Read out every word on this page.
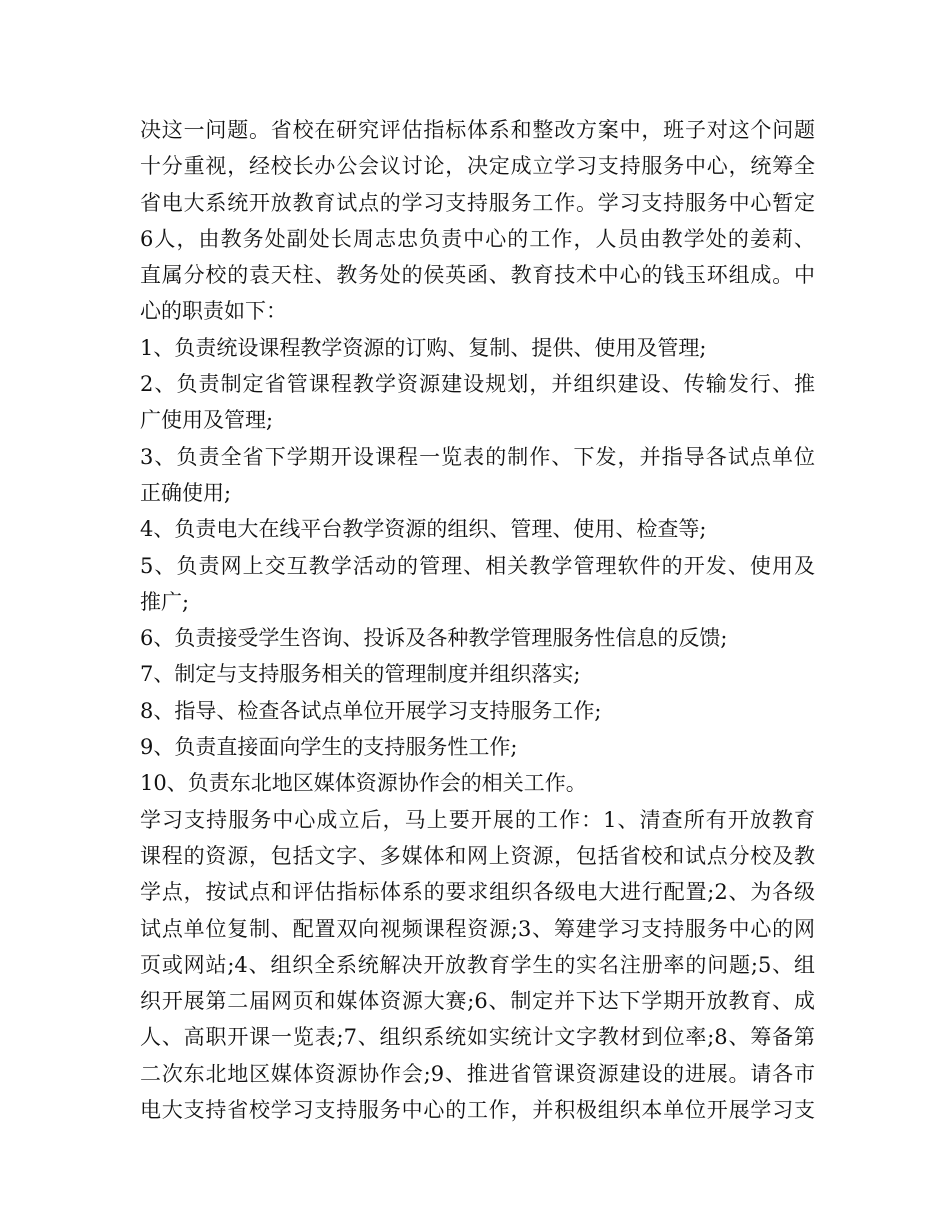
决这一问题。省校在研究评估指标体系和整改方案中，班子对这个问题
十分重视，经校长办公会议讨论，决定成立学习支持服务中心，统筹全
省电大系统开放教育试点的学习支持服务工作。学习支持服务中心暂定
6人，由教务处副处长周志忠负责中心的工作，人员由教学处的姜莉、
直属分校的袁天柱、教务处的侯英函、教育技术中心的钱玉环组成。中
心的职责如下：
1、负责统设课程教学资源的订购、复制、提供、使用及管理;
2、负责制定省管课程教学资源建设规划，并组织建设、传输发行、推
广使用及管理;
3、负责全省下学期开设课程一览表的制作、下发，并指导各试点单位
正确使用;
4、负责电大在线平台教学资源的组织、管理、使用、检查等;
5、负责网上交互教学活动的管理、相关教学管理软件的开发、使用及
推广;
6、负责接受学生咨询、投诉及各种教学管理服务性信息的反馈;
7、制定与支持服务相关的管理制度并组织落实;
8、指导、检查各试点单位开展学习支持服务工作;
9、负责直接面向学生的支持服务性工作;
10、负责东北地区媒体资源协作会的相关工作。
学习支持服务中心成立后，马上要开展的工作：1、清查所有开放教育
课程的资源，包括文字、多媒体和网上资源，包括省校和试点分校及教
学点，按试点和评估指标体系的要求组织各级电大进行配置;2、为各级
试点单位复制、配置双向视频课程资源;3、筹建学习支持服务中心的网
页或网站;4、组织全系统解决开放教育学生的实名注册率的问题;5、组
织开展第二届网页和媒体资源大赛;6、制定并下达下学期开放教育、成
人、高职开课一览表;7、组织系统如实统计文字教材到位率;8、筹备第
二次东北地区媒体资源协作会;9、推进省管课资源建设的进展。请各市
电大支持省校学习支持服务中心的工作，并积极组织本单位开展学习支
